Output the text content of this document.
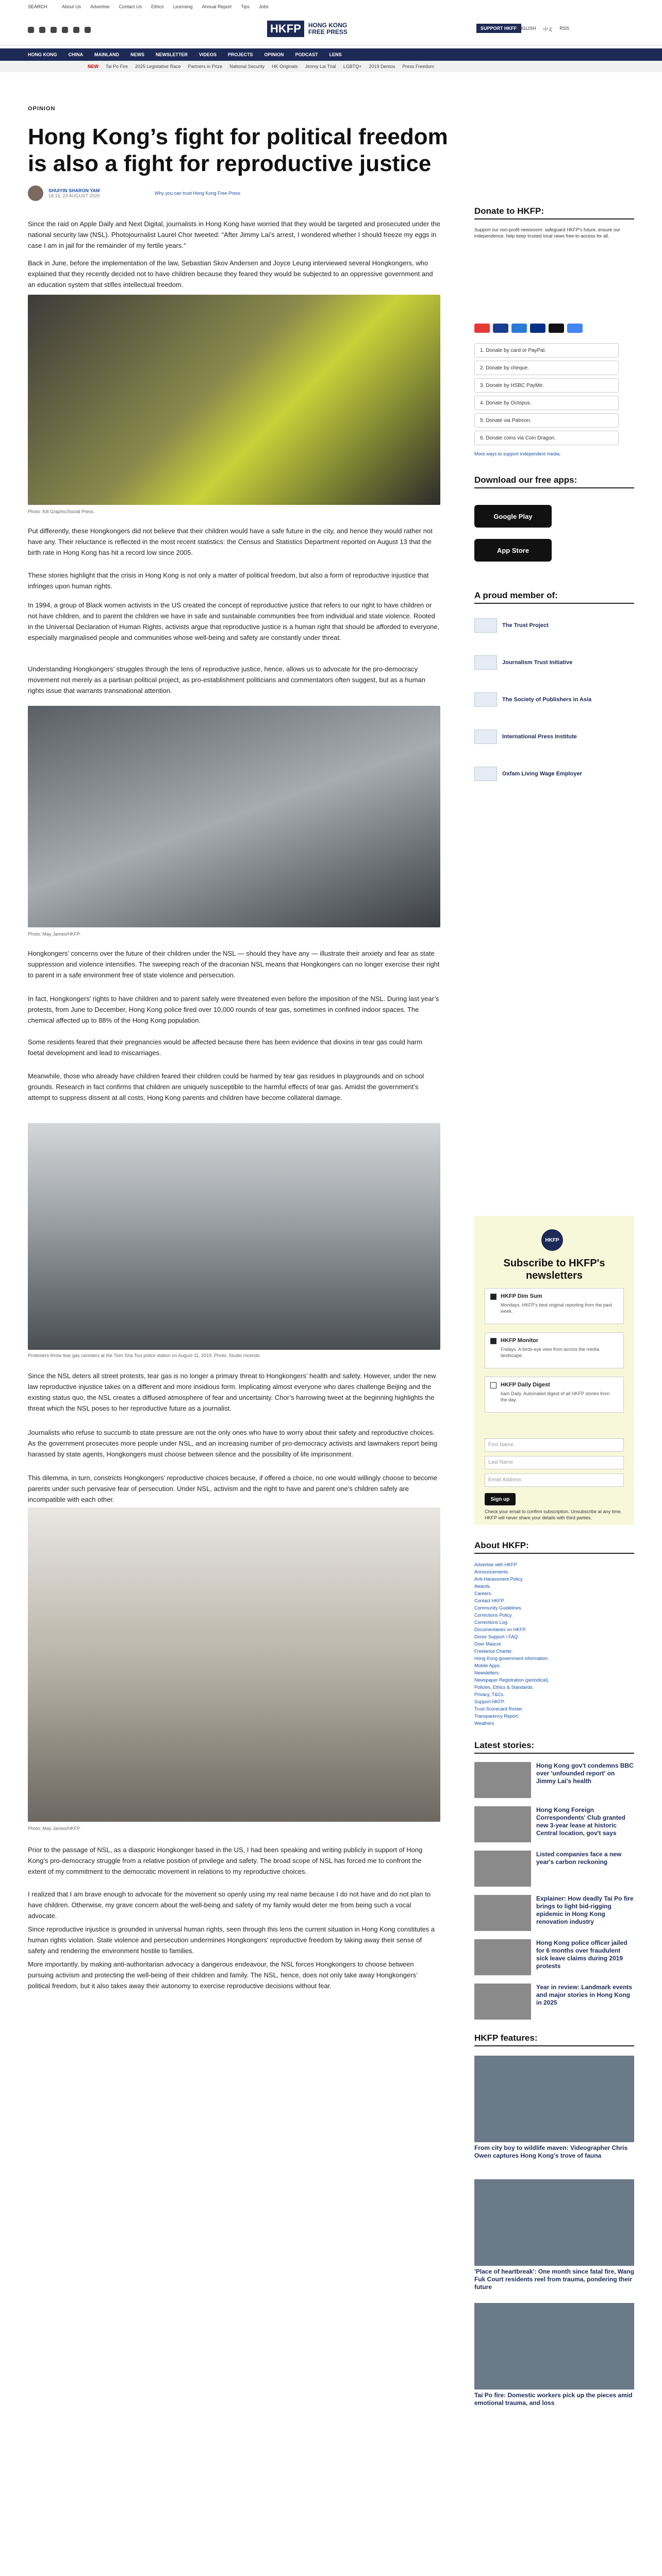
SEARCH	About Us Advertise Contact Us Ethics Licensing Annual Report Tips Jobs
HKFP	HONG KONG FREE PRESS	SUPPORT HKFP
ENGLISH 中文 RSS
HONG KONG CHINA MAINLAND NEWS NEWSLETTER VIDEOS PROJECTS OPINION PODCAST LENS
NEW Tai Po Fire 2025 Legislative Race Partners in Prize National Security HK Originals Jimmy Lai Trial LGBTQ+ 2019 Demos Press Freedom
OPINION
Hong Kong’s fight for political freedom is also a fight for reproductive justice
SHUIYIN SHARON YAM
18:15, 23 AUGUST 2020	Why you can trust Hong Kong Free Press
Since the raid on Apple Daily and Next Digital, journalists in Hong Kong have worried that they would be targeted and prosecuted under the national security law (NSL). Photojournalist Laurel Chor tweeted: “After Jimmy Lai’s arrest, I wondered whether I should freeze my eggs in case I am in jail for the remainder of my fertile years.”
Back in June, before the implementation of the law, Sebastian Skov Andersen and Joyce Leung interviewed several Hongkongers, who explained that they recently decided not to have children because they feared they would be subjected to an oppressive government and an education system that stifles intellectual freedom.
Photo: Kill Graphic/Social Press.
Put differently, these Hongkongers did not believe that their children would have a safe future in the city, and hence they would rather not have any. Their reluctance is reflected in the most recent statistics: the Census and Statistics Department reported on August 13 that the birth rate in Hong Kong has hit a record low since 2005.
These stories highlight that the crisis in Hong Kong is not only a matter of political freedom, but also a form of reproductive injustice that infringes upon human rights.
In 1994, a group of Black women activists in the US created the concept of reproductive justice that refers to our right to have children or not have children, and to parent the children we have in safe and sustainable communities free from individual and state violence. Rooted in the Universal Declaration of Human Rights, activists argue that reproductive justice is a human right that should be afforded to everyone, especially marginalised people and communities whose well-being and safety are constantly under threat.
Understanding Hongkongers’ struggles through the lens of reproductive justice, hence, allows us to advocate for the pro-democracy movement not merely as a partisan political project, as pro-establishment politicians and commentators often suggest, but as a human rights issue that warrants transnational attention.
Photo: May James/HKFP.
Hongkongers’ concerns over the future of their children under the NSL — should they have any — illustrate their anxiety and fear as state suppression and violence intensifies. The sweeping reach of the draconian NSL means that Hongkongers can no longer exercise their right to parent in a safe environment free of state violence and persecution.
In fact, Hongkongers’ rights to have children and to parent safely were threatened even before the imposition of the NSL. During last year’s protests, from June to December, Hong Kong police fired over 10,000 rounds of tear gas, sometimes in confined indoor spaces. The chemical affected up to 88% of the Hong Kong population.
Some residents feared that their pregnancies would be affected because there has been evidence that dioxins in tear gas could harm foetal development and lead to miscarriages.
Meanwhile, those who already have children feared their children could be harmed by tear gas residues in playgrounds and on school grounds. Research in fact confirms that children are uniquely susceptible to the harmful effects of tear gas. Amidst the government’s attempt to suppress dissent at all costs, Hong Kong parents and children have become collateral damage.
Protesters throw tear gas canisters at the Tsim Sha Tsui police station on August 11, 2019. Photo: Studio Incendo.
Since the NSL deters all street protests, tear gas is no longer a primary threat to Hongkongers’ health and safety. However, under the new law reproductive injustice takes on a different and more insidious form. Implicating almost everyone who dares challenge Beijing and the existing status quo, the NSL creates a diffused atmosphere of fear and uncertainty. Chor’s harrowing tweet at the beginning highlights the threat which the NSL poses to her reproductive future as a journalist.
Journalists who refuse to succumb to state pressure are not the only ones who have to worry about their safety and reproductive choices. As the government prosecutes more people under NSL, and an increasing number of pro-democracy activists and lawmakers report being harassed by state agents, Hongkongers must choose between silence and the possibility of life imprisonment.
This dilemma, in turn, constricts Hongkongers’ reproductive choices because, if offered a choice, no one would willingly choose to become parents under such pervasive fear of persecution. Under NSL, activism and the right to have and parent one’s children safely are incompatible with each other.
Photo: May James/HKFP.
Prior to the passage of NSL, as a diasporic Hongkonger based in the US, I had been speaking and writing publicly in support of Hong Kong’s pro-democracy struggle from a relative position of privilege and safety. The broad scope of NSL has forced me to confront the extent of my commitment to the democratic movement in relations to my reproductive choices.
I realized that I am brave enough to advocate for the movement so openly using my real name because I do not have and do not plan to have children. Otherwise, my grave concern about the well-being and safety of my family would deter me from being such a vocal advocate.
Since reproductive injustice is grounded in universal human rights, seen through this lens the current situation in Hong Kong constitutes a human rights violation. State violence and persecution undermines Hongkongers’ reproductive freedom by taking away their sense of safety and rendering the environment hostile to families.
More importantly, by making anti-authoritarian advocacy a dangerous endeavour, the NSL forces Hongkongers to choose between pursuing activism and protecting the well-being of their children and family. The NSL, hence, does not only take away Hongkongers’ political freedom, but it also takes away their autonomy to exercise reproductive decisions without fear.
Donate to HKFP:
Support our non-profit newsroom: safeguard HKFP's future, ensure our independence, help keep trusted local news free-to-access for all.
1. Donate by card or PayPal.
2. Donate by cheque.
3. Donate by HSBC PayMe.
4. Donate by Octopus.
5. Donate via Patreon.
6. Donate coins via Coin Dragon.
More ways to support independent media.
Download our free apps:
Google Play
App Store
A proud member of:
The Trust Project
Journalism Trust Initiative
The Society of Publishers in Asia
International Press Institute
Oxfam Living Wage Employer
HKFP
Subscribe to HKFP's newsletters
HKFP Dim Sum
Mondays. HKFP's best original reporting from the past week.
HKFP Monitor
Fridays. A birds-eye view from across the media landscape.
HKFP Daily Digest
6am Daily. Automated digest of all HKFP stories from the day.
First Name
Last Name
Email Address
Sign up
Check your email to confirm subscription. Unsubscribe at any time. HKFP will never share your details with third parties.
About HKFP:
Advertise with HKFP.
Announcements.
Anti-Harassment Policy.
Awards.
Careers.
Contact HKFP.
Community Guidelines.
Corrections Policy.
Corrections Log.
Documentaries on HKFP.
Donor Support / FAQ.
Doer Mascot.
Freelance Charter.
Hong Kong government information.
Mobile Apps.
Newsletters.
Newspaper Registration (periodical).
Policies, Ethics & Standards.
Privacy, T&Cs.
Support HKFP.
Trust Scorecard Roster.
Transparency Report.
Weathers
Latest stories:
Hong Kong gov't condemns BBC over 'unfounded report' on Jimmy Lai's health
Hong Kong Foreign Correspondents' Club granted new 3-year lease at historic Central location, gov't says
Listed companies face a new year's carbon reckoning
Explainer: How deadly Tai Po fire brings to light bid-rigging epidemic in Hong Kong renovation industry
Hong Kong police officer jailed for 6 months over fraudulent sick leave claims during 2019 protests
Year in review: Landmark events and major stories in Hong Kong in 2025
HKFP features:
From city boy to wildlife maven: Videographer Chris Owen captures Hong Kong's trove of fauna
'Place of heartbreak': One month since fatal fire, Wang Fuk Court residents reel from trauma, pondering their future
Tai Po fire: Domestic workers pick up the pieces amid emotional trauma, and loss
